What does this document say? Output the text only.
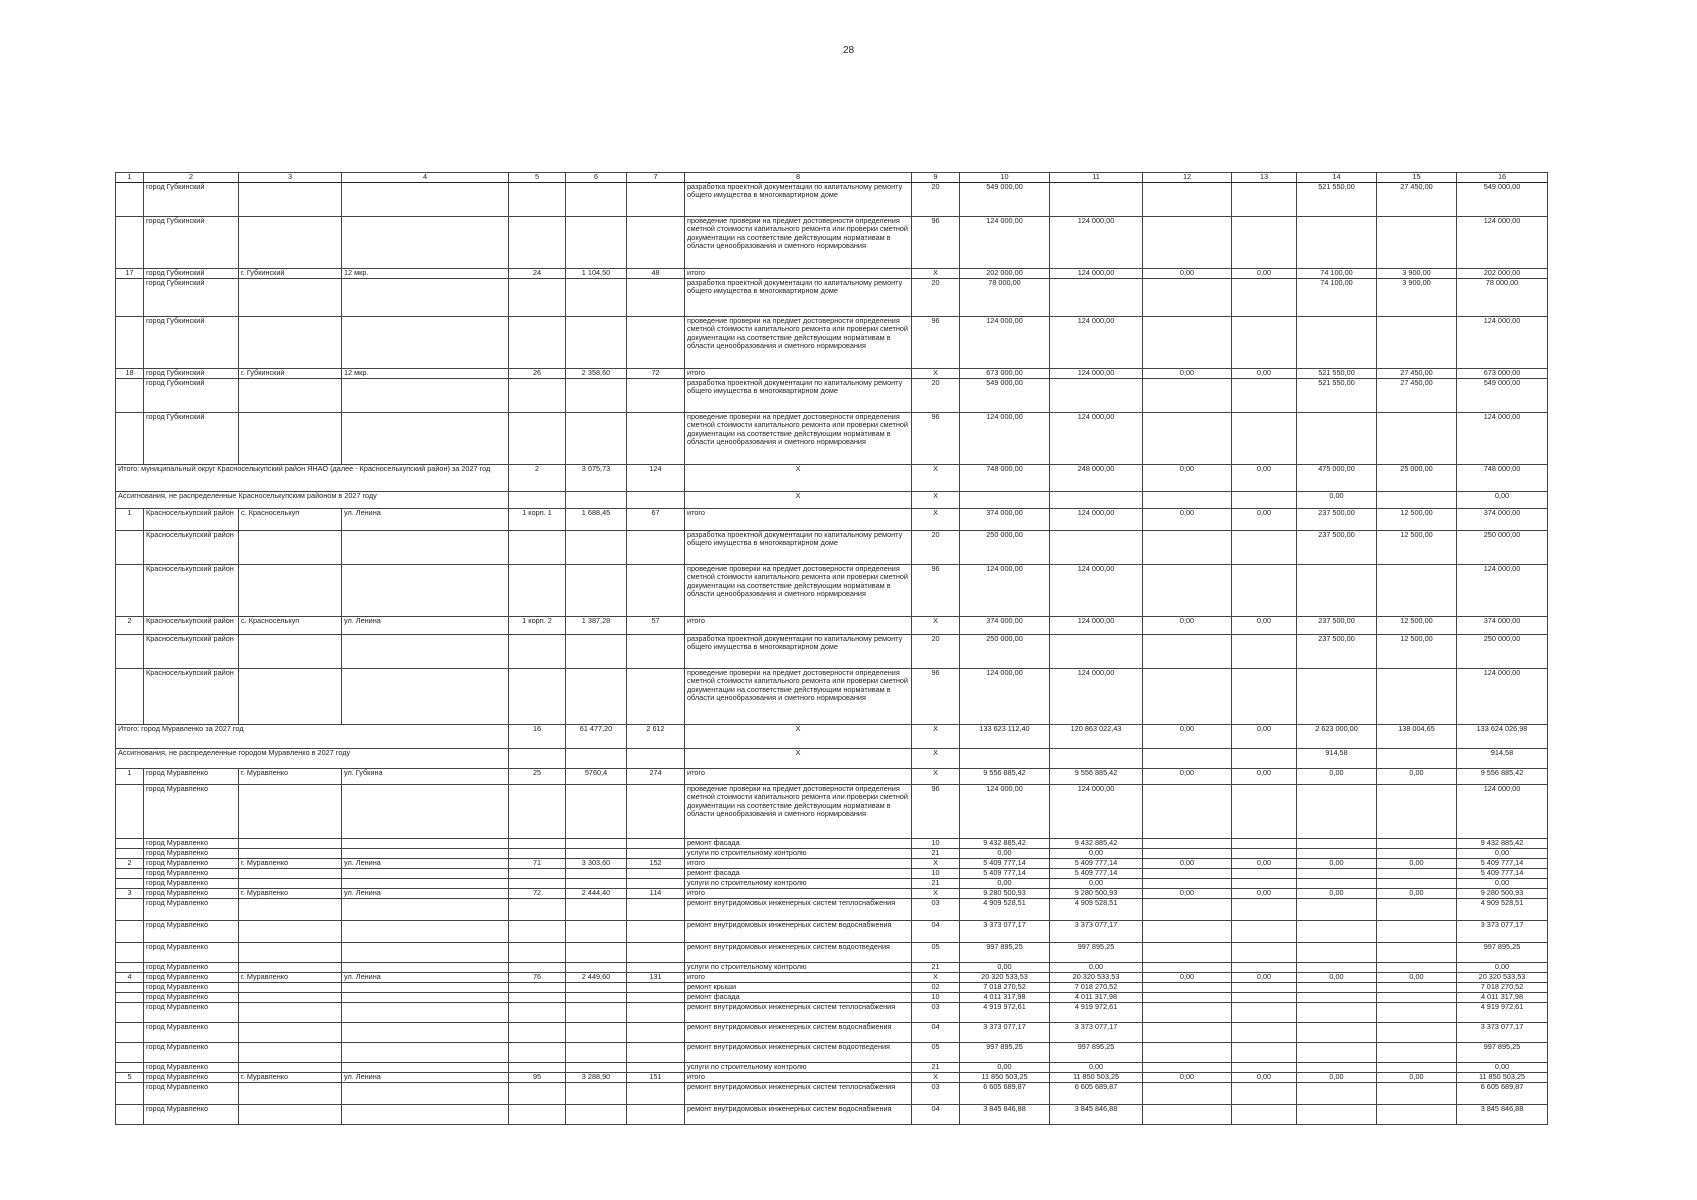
28
1	2	3	4	5	6	7	8	9	10	11	12	13	14	15	16
	город Губкинский						разработка проектной документации по капитальному ремонту общего имущества в многоквартирном доме	20	549 000,00				521 550,00	27 450,00	549 000,00
	город Губкинский						проведение проверки на предмет достоверности определения сметной стоимости капитального ремонта или проверки сметной документации на соответствие действующим нормативам в области ценообразования и сметного нормирования	96	124 000,00	124 000,00					124 000,00
17	город Губкинский	г. Губкинский	12 мкр.	24	1 104,50	48	итого	X	202 000,00	124 000,00	0,00	0,00	74 100,00	3 900,00	202 000,00
	город Губкинский						разработка проектной документации по капитальному ремонту общего имущества в многоквартирном доме	20	78 000,00				74 100,00	3 900,00	78 000,00
	город Губкинский						проведение проверки на предмет достоверности определения сметной стоимости капитального ремонта или проверки сметной документации на соответствие действующим нормативам в области ценообразования и сметного нормирования	96	124 000,00	124 000,00					124 000,00
18	город Губкинский	г. Губкинский	12 мкр.	26	2 358,60	72	итого	X	673 000,00	124 000,00	0,00	0,00	521 550,00	27 450,00	673 000,00
	город Губкинский						разработка проектной документации по капитальному ремонту общего имущества в многоквартирном доме	20	549 000,00				521 550,00	27 450,00	549 000,00
	город Губкинский						проведение проверки на предмет достоверности определения сметной стоимости капитального ремонта или проверки сметной документации на соответствие действующим нормативам в области ценообразования и сметного нормирования	96	124 000,00	124 000,00					124 000,00
Итого: муниципальный округ Красноселькупский район ЯНАО (далее - Красноселькупский район) за 2027 год				2	3 075,73	124	X	X	748 000,00	248 000,00	0,00	0,00	475 000,00	25 000,00	748 000,00
Ассигнования, не распределенные Красноселькупским районом в 2027 году							X	X					0,00		0,00
1	Красноселькупский район	с. Красноселькуп	ул. Ленина	1 корп. 1	1 688,45	67	итого	X	374 000,00	124 000,00	0,00	0,00	237 500,00	12 500,00	374 000,00
	Красноселькупский район						разработка проектной документации по капитальному ремонту общего имущества в многоквартирном доме	20	250 000,00				237 500,00	12 500,00	250 000,00
	Красноселькупский район						проведение проверки на предмет достоверности определения сметной стоимости капитального ремонта или проверки сметной документации на соответствие действующим нормативам в области ценообразования и сметного нормирования	96	124 000,00	124 000,00					124 000,00
2	Красноселькупский район	с. Красноселькуп	ул. Ленина	1 корп. 2	1 387,28	57	итого	X	374 000,00	124 000,00	0,00	0,00	237 500,00	12 500,00	374 000,00
	Красноселькупский район						разработка проектной документации по капитальному ремонту общего имущества в многоквартирном доме	20	250 000,00				237 500,00	12 500,00	250 000,00
	Красноселькупский район						проведение проверки на предмет достоверности определения сметной стоимости капитального ремонта или проверки сметной документации на соответствие действующим нормативам в области ценообразования и сметного нормирования	96	124 000,00	124 000,00					124 000,00
Итого: город Муравленко за 2027 год				16	61 477,20	2 612	X	X	133 623 112,40	120 863 022,43	0,00	0,00	2 623 000,00	138 004,65	133 624 026,98
Ассигнования, не распределенные городом Муравленко в 2027 году							X	X					914,58		914,58
1	город Муравленко	г. Муравленко	ул. Губкина	25	5760,4	274	итого	X	9 556 885,42	9 556 885,42	0,00	0,00	0,00	0,00	9 556 885,42
	город Муравленко						проведение проверки на предмет достоверности определения сметной стоимости капитального ремонта или проверки сметной документации на соответствие действующим нормативам в области ценообразования и сметного нормирования	96	124 000,00	124 000,00					124 000,00
	город Муравленко						ремонт фасада	10	9 432 885,42	9 432 885,42					9 432 885,42
	город Муравленко						услуги по строительному контролю	21	0,00	0,00					0,00
2	город Муравленко	г. Муравленко	ул. Ленина	71	3 303,60	152	итого	X	5 409 777,14	5 409 777,14	0,00	0,00	0,00	0,00	5 409 777,14
	город Муравленко						ремонт фасада	10	5 409 777,14	5 409 777,14					5 409 777,14
	город Муравленко						услуги по строительному контролю	21	0,00	0,00					0,00
3	город Муравленко	г. Муравленко	ул. Ленина	72	2 444,40	114	итого	X	9 280 500,93	9 280 500,93	0,00	0,00	0,00	0,00	9 280 500,93
	город Муравленко						ремонт внутридомовых инженерных систем теплоснабжения	03	4 909 528,51	4 909 528,51					4 909 528,51
	город Муравленко						ремонт внутридомовых инженерных систем водоснабжения	04	3 373 077,17	3 373 077,17					3 373 077,17
	город Муравленко						ремонт внутридомовых инженерных систем водоотведения	05	997 895,25	997 895,25					997 895,25
	город Муравленко						услуги по строительному контролю	21	0,00	0,00					0,00
4	город Муравленко	г. Муравленко	ул. Ленина	76	2 449,60	131	итого	X	20 320 533,53	20 320 533,53	0,00	0,00	0,00	0,00	20 320 533,53
	город Муравленко						ремонт крыши	02	7 018 270,52	7 018 270,52					7 018 270,52
	город Муравленко						ремонт фасада	10	4 011 317,98	4 011 317,98					4 011 317,98
	город Муравленко						ремонт внутридомовых инженерных систем теплоснабжения	03	4 919 972,61	4 919 972,61					4 919 972,61
	город Муравленко						ремонт внутридомовых инженерных систем водоснабжения	04	3 373 077,17	3 373 077,17					3 373 077,17
	город Муравленко						ремонт внутридомовых инженерных систем водоотведения	05	997 895,25	997 895,25					997 895,25
	город Муравленко						услуги по строительному контролю	21	0,00	0,00					0,00
5	город Муравленко	г. Муравленко	ул. Ленина	95	3 288,90	151	итого	X	11 850 503,25	11 850 503,25	0,00	0,00	0,00	0,00	11 850 503,25
	город Муравленко						ремонт внутридомовых инженерных систем теплоснабжения	03	6 605 689,87	6 605 689,87					6 605 689,87
	город Муравленко						ремонт внутридомовых инженерных систем водоснабжения	04	3 845 846,88	3 845 846,88					3 845 846,88
